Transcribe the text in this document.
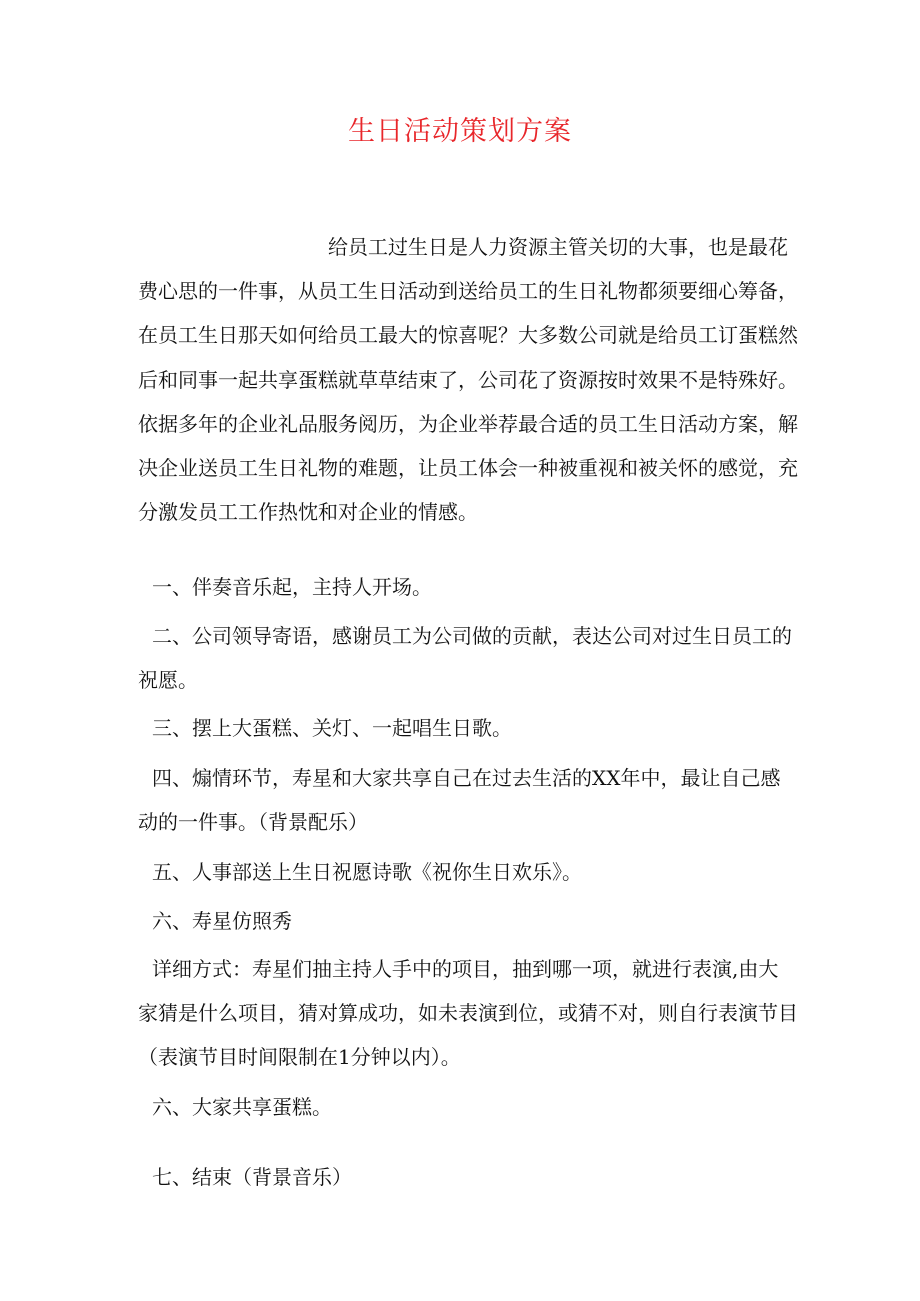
生日活动策划方案

给员工过生日是人力资源主管关切的大事，也是最花费心思的一件事，从员工生日活动到送给员工的生日礼物都须要细心筹备，在员工生日那天如何给员工最大的惊喜呢？大多数公司就是给员工订蛋糕然后和同事一起共享蛋糕就草草结束了，公司花了资源按时效果不是特殊好。依据多年的企业礼品服务阅历，为企业举荐最合适的员工生日活动方案，解决企业送员工生日礼物的难题，让员工体会一种被重视和被关怀的感觉，充分激发员工工作热忱和对企业的情感。

一、伴奏音乐起，主持人开场。

二、公司领导寄语，感谢员工为公司做的贡献，表达公司对过生日员工的祝愿。

三、摆上大蛋糕、关灯、一起唱生日歌。

四、煽情环节，寿星和大家共享自己在过去生活的XX年中，最让自己感动的一件事。（背景配乐）

五、人事部送上生日祝愿诗歌《祝你生日欢乐》。

六、寿星仿照秀

详细方式：寿星们抽主持人手中的项目，抽到哪一项，就进行表演,由大家猜是什么项目，猜对算成功，如未表演到位，或猜不对，则自行表演节目（表演节目时间限制在1分钟以内）。

六、大家共享蛋糕。

七、结束（背景音乐）
